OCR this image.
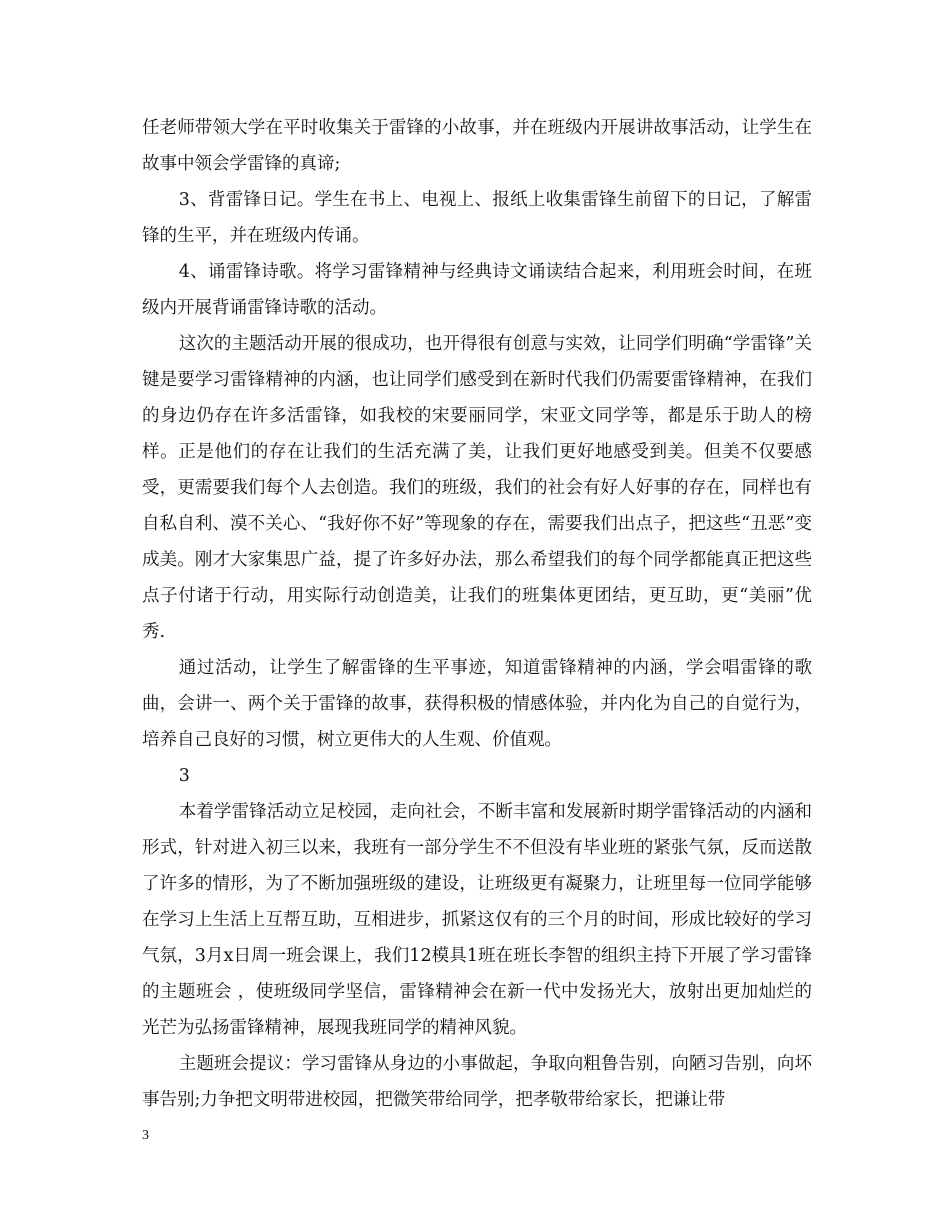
任老师带领大学在平时收集关于雷锋的小故事，并在班级内开展讲故事活动，让学生在故事中领会学雷锋的真谛;

3、背雷锋日记。学生在书上、电视上、报纸上收集雷锋生前留下的日记，了解雷锋的生平，并在班级内传诵。

4、诵雷锋诗歌。将学习雷锋精神与经典诗文诵读结合起来，利用班会时间，在班级内开展背诵雷锋诗歌的活动。

这次的主题活动开展的很成功，也开得很有创意与实效，让同学们明确“学雷锋”关键是要学习雷锋精神的内涵，也让同学们感受到在新时代我们仍需要雷锋精神，在我们的身边仍存在许多活雷锋，如我校的宋要丽同学，宋亚文同学等，都是乐于助人的榜样。正是他们的存在让我们的生活充满了美，让我们更好地感受到美。但美不仅要感受，更需要我们每个人去创造。我们的班级，我们的社会有好人好事的存在，同样也有自私自利、漠不关心、“我好你不好”等现象的存在，需要我们出点子，把这些“丑恶”变成美。刚才大家集思广益，提了许多好办法，那么希望我们的每个同学都能真正把这些点子付诸于行动，用实际行动创造美，让我们的班集体更团结，更互助，更“美丽”优秀.

通过活动，让学生了解雷锋的生平事迹，知道雷锋精神的内涵，学会唱雷锋的歌曲，会讲一、两个关于雷锋的故事，获得积极的情感体验，并内化为自己的自觉行为，培养自己良好的习惯，树立更伟大的人生观、价值观。

3

本着学雷锋活动立足校园，走向社会，不断丰富和发展新时期学雷锋活动的内涵和形式，针对进入初三以来，我班有一部分学生不不但没有毕业班的紧张气氛，反而送散了许多的情形，为了不断加强班级的建设，让班级更有凝聚力，让班里每一位同学能够在学习上生活上互帮互助，互相进步，抓紧这仅有的三个月的时间，形成比较好的学习气氛，3月x日周一班会课上，我们12模具1班在班长李智的组织主持下开展了学习雷锋的主题班会 ，使班级同学坚信，雷锋精神会在新一代中发扬光大，放射出更加灿烂的光芒为弘扬雷锋精神，展现我班同学的精神风貌。

主题班会提议：学习雷锋从身边的小事做起，争取向粗鲁告别，向陋习告别，向坏事告别;力争把文明带进校园，把微笑带给同学，把孝敬带给家长，把谦让带

3
